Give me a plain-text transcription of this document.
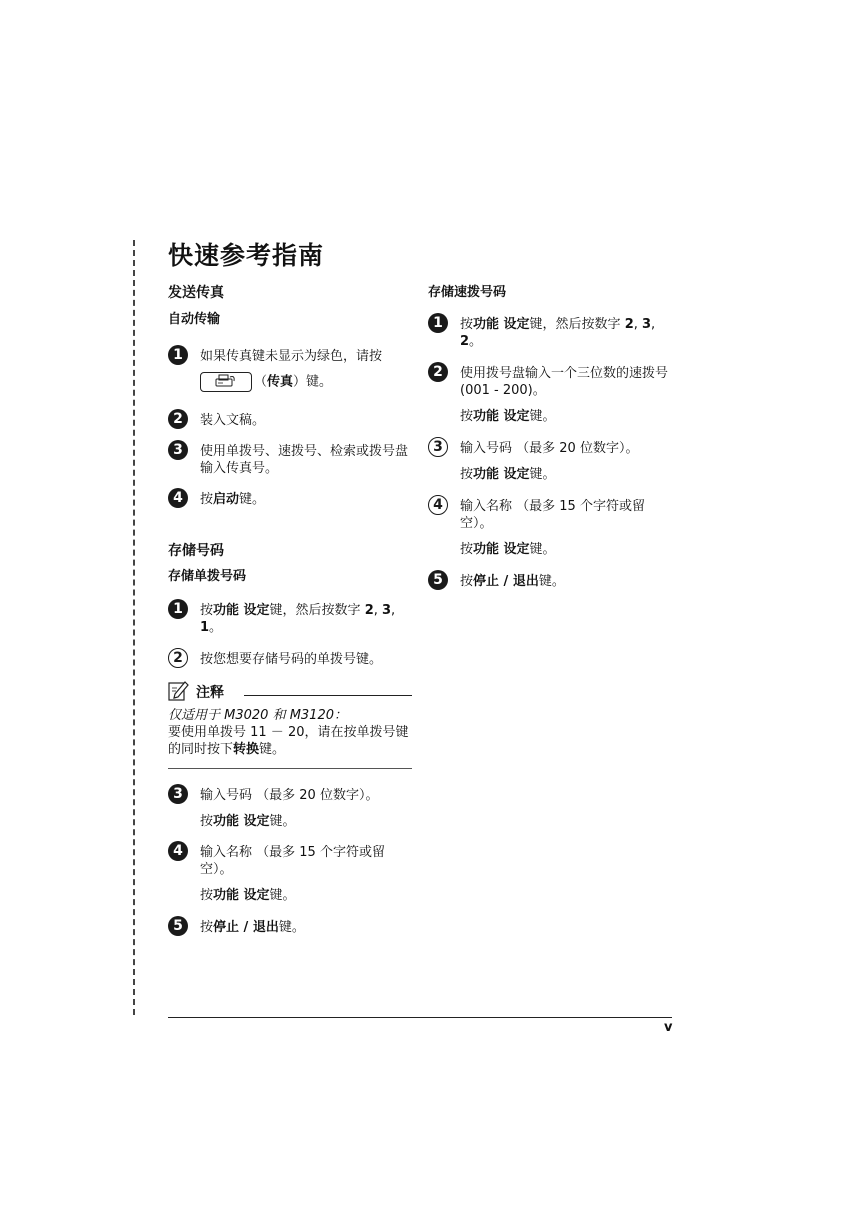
快速参考指南
发送传真
自动传输
1	如果传真键未显示为绿色，请按
（传真）键。
2	装入文稿。
3	使用单拨号、速拨号、检索或拨号盘输入传真号。
4	按启动键。
存储号码
存储单拨号码
1	按功能 设定键，然后按数字 2, 3, 1。
2	按您想要存储号码的单拨号键。
注释
仅适用于 M3020 和 M3120：
要使用单拨号 11 － 20，请在按单拨号键的同时按下转换键。
3	输入号码 （最多 20 位数字）。
按功能 设定键。
4	输入名称 （最多 15 个字符或留空）。
按功能 设定键。
5	按停止 / 退出键。
存储速拨号码
1	按功能 设定键，然后按数字 2, 3,
2。
2	使用拨号盘输入一个三位数的速拨号 (001 - 200)。
按功能 设定键。
3	输入号码 （最多 20 位数字）。
按功能 设定键。
4	输入名称 （最多 15 个字符或留空）。
按功能 设定键。
5	按停止 / 退出键。
v
